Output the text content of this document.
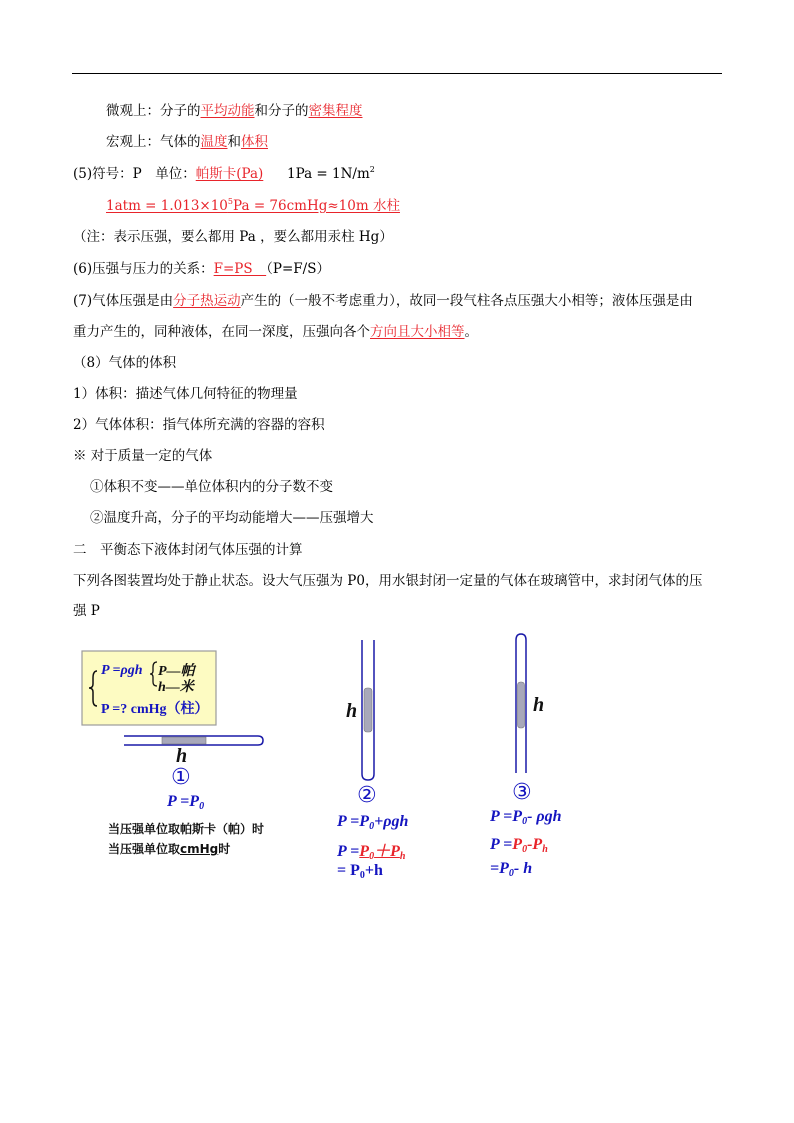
微观上：分子的平均动能和分子的密集程度
宏观上：气体的温度和体积
(5)符号：P　单位：帕斯卡(Pa) $1Pa = 1N/m^2$
$1atm = 1.013\times 10^5Pa$ = 76cmHg≈10m 水柱
（注：表示压强，要么都用 Pa ，要么都用汞柱 Hg）
(6)压强与压力的关系：F=PS　（P=F/S）
(7)气体压强是由分子热运动产生的（一般不考虑重力），故同一段气柱各点压强大小相等；液体压强是由
重力产生的，同种液体，在同一深度，压强向各个方向且大小相等。
（8）气体的体积
1）体积：描述气体几何特征的物理量
2）气体体积：指气体所充满的容器的容积
※ 对于质量一定的气体
①体积不变——单位体积内的分子数不变
②温度升高，分子的平均动能增大——压强增大
二　平衡态下液体封闭气体压强的计算
下列各图装置均处于静止状态。设大气压强为 P0，用水银封闭一定量的气体在玻璃管中，求封闭气体的压
强 P
P =ρgh P—帕
h—米
P =? cmHg（柱）
h
①
$P =P_0$
当压强单位取帕斯卡（帕）时
当压强单位取cmHg时
h
②
$P =P_0+\rho gh$
$P =P_0+P_h$
= $P_0+h$
h
③
$P =P_0-$ ρgh
$P =P_0-P_h$
$=P_0-$ h
